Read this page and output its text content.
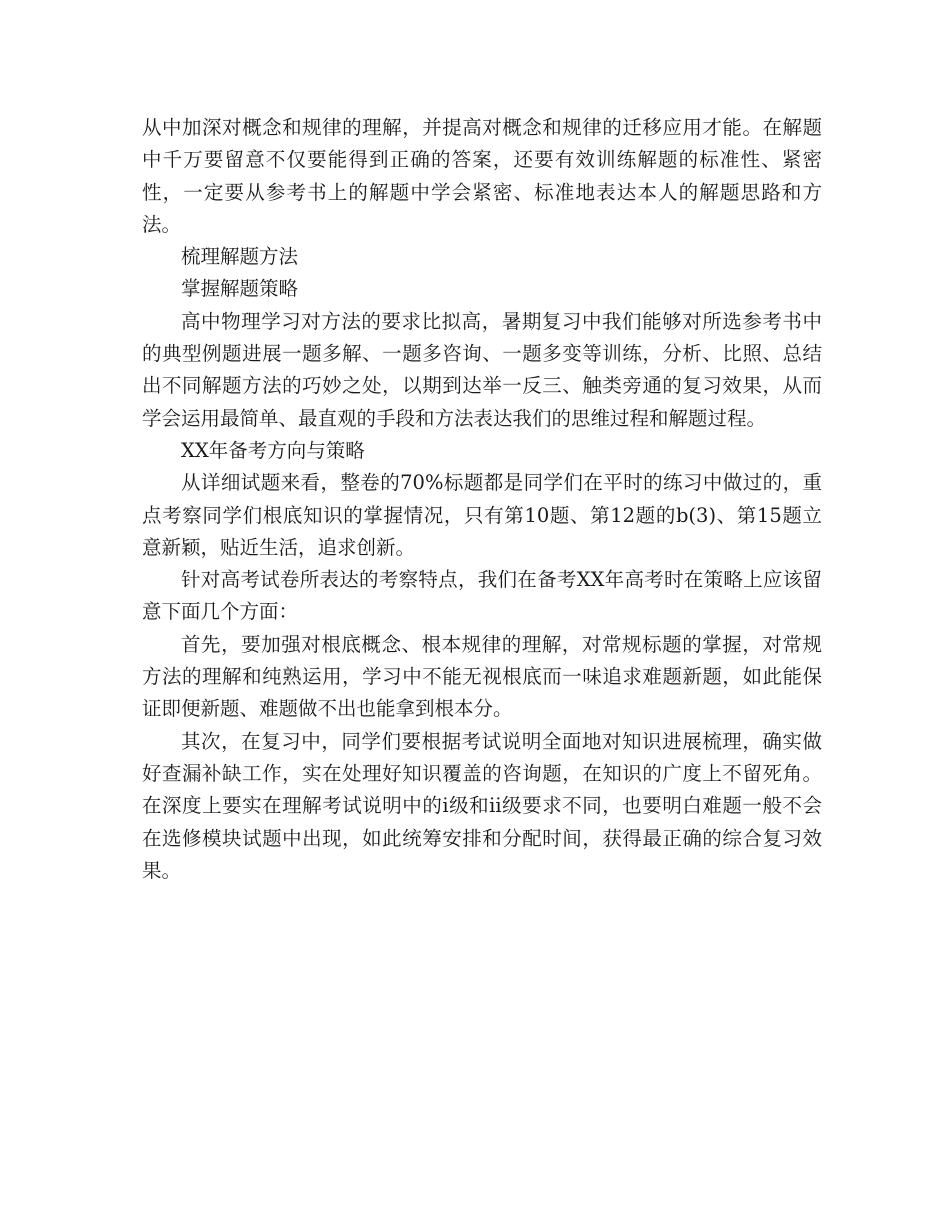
从中加深对概念和规律的理解，并提高对概念和规律的迁移应用才能。在解题中千万要留意不仅要能得到正确的答案，还要有效训练解题的标准性、紧密性，一定要从参考书上的解题中学会紧密、标准地表达本人的解题思路和方法。

梳理解题方法

掌握解题策略

高中物理学习对方法的要求比拟高，暑期复习中我们能够对所选参考书中的典型例题进展一题多解、一题多咨询、一题多变等训练，分析、比照、总结出不同解题方法的巧妙之处，以期到达举一反三、触类旁通的复习效果，从而学会运用最简单、最直观的手段和方法表达我们的思维过程和解题过程。

XX年备考方向与策略

从详细试题来看，整卷的70%标题都是同学们在平时的练习中做过的，重点考察同学们根底知识的掌握情况，只有第10题、第12题的b(3)、第15题立意新颖，贴近生活，追求创新。

针对高考试卷所表达的考察特点，我们在备考XX年高考时在策略上应该留意下面几个方面：

首先，要加强对根底概念、根本规律的理解，对常规标题的掌握，对常规方法的理解和纯熟运用，学习中不能无视根底而一味追求难题新题，如此能保证即便新题、难题做不出也能拿到根本分。

其次，在复习中，同学们要根据考试说明全面地对知识进展梳理，确实做好查漏补缺工作，实在处理好知识覆盖的咨询题，在知识的广度上不留死角。在深度上要实在理解考试说明中的ⅰ级和ⅱ级要求不同，也要明白难题一般不会在选修模块试题中出现，如此统筹安排和分配时间，获得最正确的综合复习效果。
